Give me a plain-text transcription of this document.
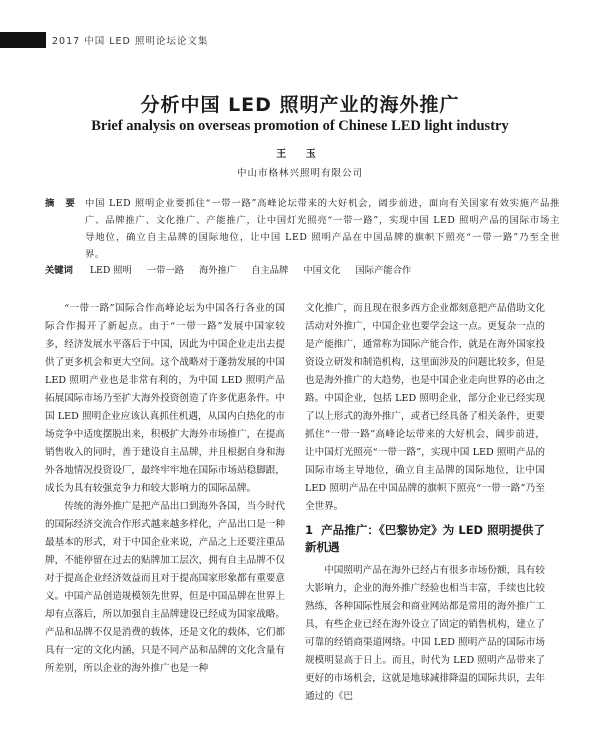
2017 中国 LED 照明论坛论文集
分析中国 LED 照明产业的海外推广
Brief analysis on overseas promotion of Chinese LED light industry
王 玉
中山市格林兴照明有限公司
摘 要 中国 LED 照明企业要抓住“一带一路”高峰论坛带来的大好机会，阔步前进，面向有关国家有效实施产品推广、品牌推广、文化推广、产能推广，让中国灯光照亮“一带一路”，实现中国 LED 照明产品的国际市场主导地位，确立自主品牌的国际地位，让中国 LED 照明产品在中国品牌的旗帜下照亮“一带一路”乃至全世界。
关键词 LED 照明 一带一路 海外推广 自主品牌 中国文化 国际产能合作

“一带一路”国际合作高峰论坛为中国各行各业的国际合作揭开了新起点。由于“一带一路”发展中国家较多，经济发展水平落后于中国，因此为中国企业走出去提供了更多机会和更大空间。这个战略对于蓬勃发展的中国 LED 照明产业也是非常有利的，为中国 LED 照明产品拓展国际市场乃至扩大海外投资创造了许多优惠条件。中国 LED 照明企业应该认真抓住机遇，从国内白热化的市场竞争中适度摆脱出来，积极扩大海外市场推广，在提高销售收入的同时，善于建设自主品牌，并且根据自身和海外各地情况投资设厂，最终牢牢地在国际市场站稳脚跟，成长为具有较强竞争力和较大影响力的国际品牌。

传统的海外推广是把产品出口到海外各国，当今时代的国际经济交流合作形式越来越多样化，产品出口是一种最基本的形式，对于中国企业来说，产品之上还要注重品牌，不能停留在过去的贴牌加工层次，拥有自主品牌不仅对于提高企业经济效益而且对于提高国家形象都有重要意义。中国产品创造规模领先世界，但是中国品牌在世界上却有点落后，所以加强自主品牌建设已经成为国家战略。产品和品牌不仅是消费的载体，还是文化的载体，它们都具有一定的文化内涵，只是不同产品和品牌的文化含量有所差别，所以企业的海外推广也是一种

文化推广，而且现在很多西方企业都刻意把产品借助文化活动对外推广，中国企业也要学会这一点。更复杂一点的是产能推广，通常称为国际产能合作，就是在海外国家投资设立研发和制造机构，这里面涉及的问题比较多，但是也是海外推广的大趋势，也是中国企业走向世界的必由之路。中国企业，包括 LED 照明企业，部分企业已经实现了以上形式的海外推广，或者已经具备了相关条件，更要抓住“一带一路”高峰论坛带来的大好机会，阔步前进，让中国灯光照亮“一带一路”，实现中国 LED 照明产品的国际市场主导地位，确立自主品牌的国际地位，让中国 LED 照明产品在中国品牌的旗帜下照亮“一带一路”乃至全世界。

1 产品推广：《巴黎协定》为 LED 照明提供了新机遇

中国照明产品在海外已经占有很多市场份额，具有较大影响力，企业的海外推广经验也相当丰富，手续也比较熟练，各种国际性展会和商业网站都是常用的海外推广工具，有些企业已经在海外设立了固定的销售机构，建立了可靠的经销商渠道网络。中国 LED 照明产品的国际市场规模明显高于日上。而且，时代为 LED 照明产品带来了更好的市场机会，这就是地球减排降温的国际共识，去年通过的《巴
